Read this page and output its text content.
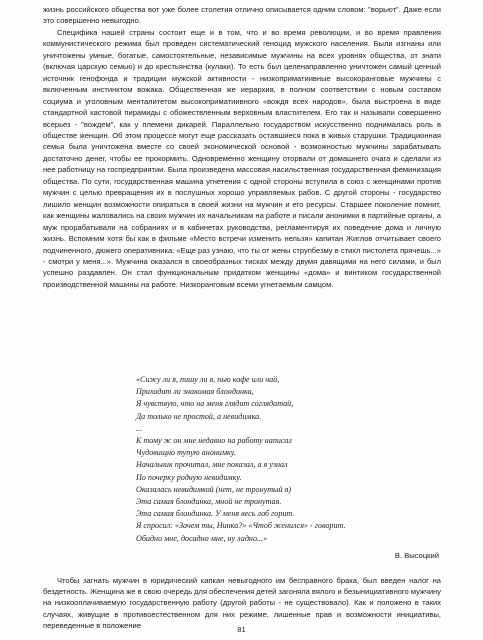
жизнь российского общества вот уже более столетия отлично описывается одним словом: "ворьют". Даже если это совершенно невыгодно.

Специфика нашей страны состоит еще и в том, что и во время революции, и во время правления коммунистического режима был проведен систематический геноцид мужского населения. Были изгнаны или уничтожены умные, богатые, самостоятельные, независимые мужчины на всех уровнях общества, от знати (включая царскую семью) и до крестьянства (кулаки). То есть был целенаправленно уничтожен самый ценный источник генофонда и традиции мужской активности - низкоприматиивные высокоранговые мужчины с включенным инстинктом вожака. Общественная же иерархия, в полном соответствии с новым составом социума и уголовным менталитетом высокоприматиивного «вождя всех народов», была выстроена в виде стандартной кастовой пирамиды с обожествленным верховным властителем. Его так и называли совершенно всерьез - "вождем", как у племени дикарей. Параллельно государством искусственно поднималась роль в обществе женщин. Об этом процессе могут еще рассказать оставшиеся пока в живых старушки. Традиционная семья была уничтожена вместе со своей экономической основой - возможностью мужчины зарабатывать достаточно денег, чтобы ее прокормить. Одновременно женщину оторвали от домашнего очага и сделали из нее работницу на госпредприятии. Была произведена массовая насильственная государственная феминизация общества. По сути, государственная машина угнетения с одной стороны вступила в союз с женщинами против мужчин с целью превращения их в послушных хорошо управляемых рабов. С другой стороны - государство лишило женщин возможности опираться в своей жизни на мужчин и его ресурсы. Старшее поколение помнит, как женщины жаловались на своих мужчин их начальникам на работе и писали анонимки в партийные органы, а муж прорабатывали на собраниях и в кабинетах руководства, регламентируя их поведение дома и личную жизнь. Вспомним хотя бы как в фильме «Место встречи изменить нельзя» капитан Жиглов отчитывает своего подчиненного, дюжего оперативника: «Еще раз узнаю, что ты от жены струпбезму в стихл пистолета прячешь...» - смотри у меня...». Мужчина оказался в своеобразных тисках между двумя давящими на него силами, и был успешно раздавлен. Он стал функциональным придатком женщины «дома» и винтиком государственной производственной машины на работе. Низкоранговым всеми угнетаемым самцом.

«Сижу ли я, пишу ли я, пью кофе или чай,
Приходит ли знакомая блондинка,
Я чувствую, что на меня глядит соглядатай,
Да только не простой, а невидимка.
...
К тому ж он мне недавно на работу написал
Чудовищно тупую анонимку.
Начальник прочитал, мне показал, а я узнал
По почерку родную невидимку.
Оказалась невидимкой (нет, не тронутый я)
Эта самая блондинка, мной не тронутая.
Эта самая блондинка. У меня весь лоб горит.
Я спросил: «Зачем ты, Нинка?» «Чтоб женился» - говорит.
Обидно мне, досадно мне, ну ладно...»
В. Высоцкий

Чтобы загнать мужчин в юридический капкан невыгодного им бесправного брака, был введен налог на бездетность. Женщина же в свою очередь для обеспечения детей загоняла вялого и безынициативного мужчину на низкооплачиваемую государственную работу (другой работы - не существовало). Как и положено в таких случаях, живущие в противоестественном для них режиме, лишенные прав и возможности инициативы, переведенные в положение	81
